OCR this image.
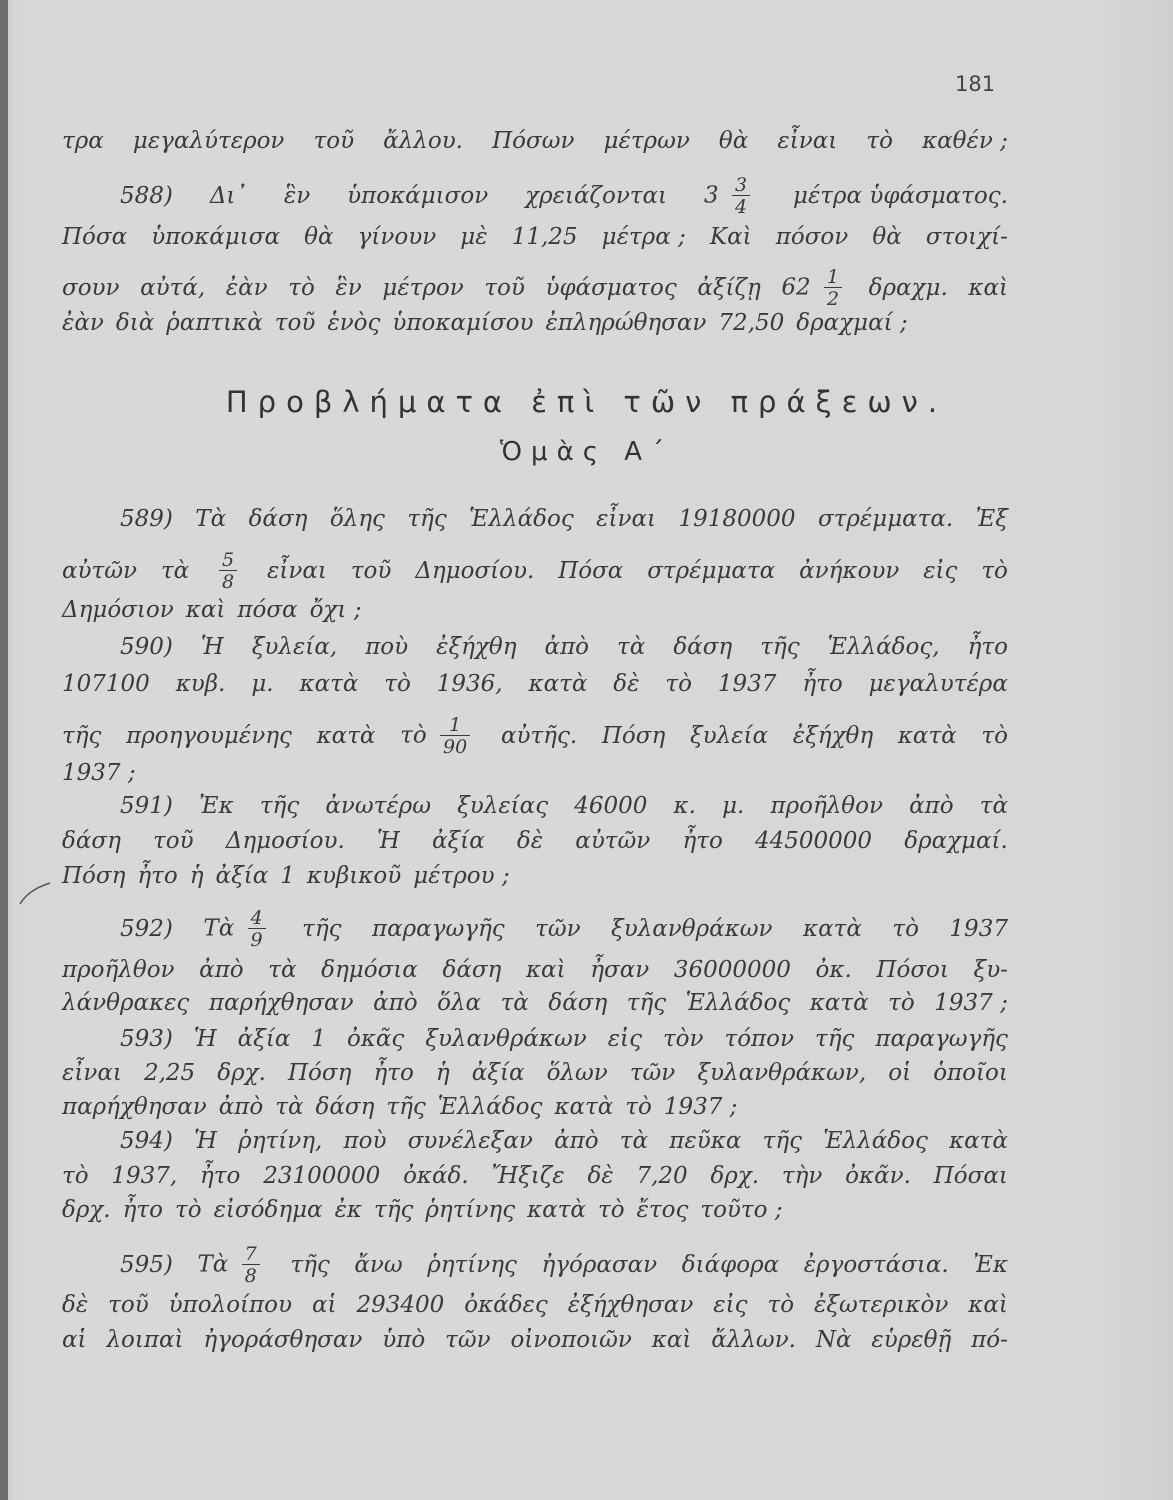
181
τρα μεγαλύτερον τοῦ ἄλλου. Πόσων μέτρων θὰ εἶναι τὸ καθέν ;
588) Δι᾽ ἓν ὑποκάμισον χρειάζονται $3 \frac{3}{4}$ μέτρα ὑφάσματος.
Πόσα ὑποκάμισα θὰ γίνουν μὲ 11,25 μέτρα ; Καὶ πόσον θὰ στοιχί-
σουν αὐτά, ἐὰν τὸ ἓν μέτρον τοῦ ὑφάσματος ἀξίζῃ $62 \frac{1}{2} \delta\rho\alpha\chi\mu$. καὶ
ἐὰν διὰ ῥαπτικὰ τοῦ ἑνὸς ὑποκαμίσου ἐπληρώθησαν 72,50 δραχμαί ;
Προβλήματα ἐπὶ τῶν πράξεων.
Ὁμὰς Α΄
589) Τὰ δάση ὅλης τῆς Ἑλλάδος εἶναι 19180000 στρέμματα. Ἐξ
αὐτῶν τὰ $\frac{5}{8}$ εἶναι τοῦ Δημοσίου. Πόσα στρέμματα ἀνήκουν εἰς τὸ
Δημόσιον καὶ πόσα ὄχι ;
590) Ἡ ξυλεία, ποὺ ἐξήχθη ἀπὸ τὰ δάση τῆς Ἑλλάδος, ἦτο
107100 κυβ. μ. κατὰ τὸ 1936, κατὰ δὲ τὸ 1937 ἦτο μεγαλυτέρα
τῆς προηγουμένης κατὰ τὸ $\frac{1}{90}$ αὐτῆς. Πόση ξυλεία ἐξήχθη κατὰ τὸ
1937 ;
591) Ἐκ τῆς ἀνωτέρω ξυλείας 46000 κ. μ. προῆλθον ἀπὸ τὰ
δάση τοῦ Δημοσίου. Ἡ ἀξία δὲ αὐτῶν ἦτο 44500000 δραχμαί.
Πόση ἦτο ἡ ἀξία 1 κυβικοῦ μέτρου ;
592) Τὰ $\frac{4}{9}$ τῆς παραγωγῆς τῶν ξυλανθράκων κατὰ τὸ 1937
προῆλθον ἀπὸ τὰ δημόσια δάση καὶ ἦσαν 36000000 ὀκ. Πόσοι ξυ-
λάνθρακες παρήχθησαν ἀπὸ ὅλα τὰ δάση τῆς Ἑλλάδος κατὰ τὸ 1937 ;
593) Ἡ ἀξία 1 ὀκᾶς ξυλανθράκων εἰς τὸν τόπον τῆς παραγωγῆς
εἶναι 2,25 δρχ. Πόση ἦτο ἡ ἀξία ὅλων τῶν ξυλανθράκων, οἱ ὁποῖοι
παρήχθησαν ἀπὸ τὰ δάση τῆς Ἑλλάδος κατὰ τὸ 1937 ;
594) Ἡ ῥητίνη, ποὺ συνέλεξαν ἀπὸ τὰ πεῦκα τῆς Ἑλλάδος κατὰ
τὸ 1937, ἦτο 23100000 ὀκάδ. Ἤξιζε δὲ 7,20 δρχ. τὴν ὀκᾶν. Πόσαι
δρχ. ἦτο τὸ εἰσόδημα ἐκ τῆς ῥητίνης κατὰ τὸ ἔτος τοῦτο ;
595) Τὰ $\frac{7}{8}$ τῆς ἄνω ῥητίνης ἠγόρασαν διάφορα ἐργοστάσια. Ἐκ
δὲ τοῦ ὑπολοίπου αἱ 293400 ὀκάδες ἐξήχθησαν εἰς τὸ ἐξωτερικὸν καὶ
αἱ λοιπαὶ ἠγοράσθησαν ὑπὸ τῶν οἰνοποιῶν καὶ ἄλλων. Νὰ εὑρεθῇ πό-
